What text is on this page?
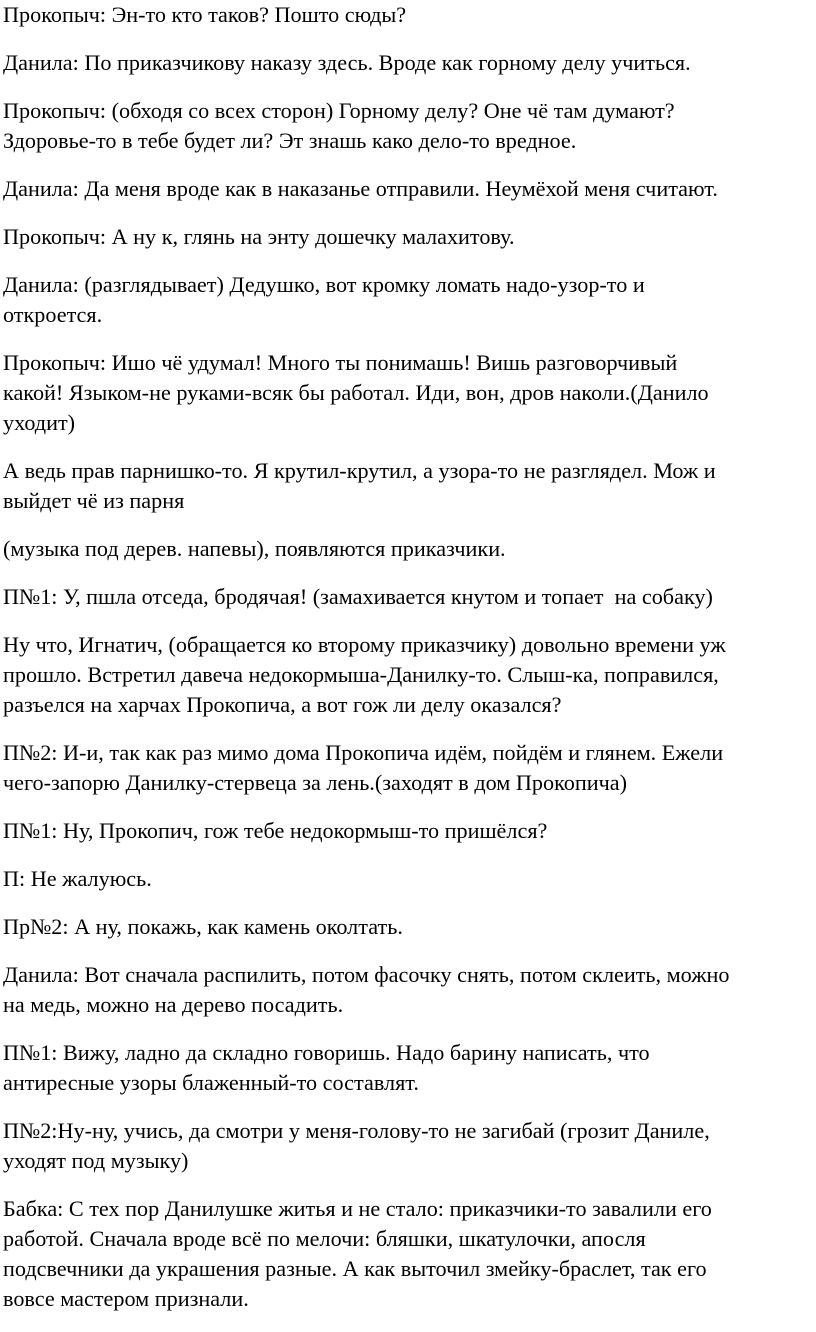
Прокопыч: Эн-то кто таков? Пошто сюды?

Данила: По приказчикову наказу здесь. Вроде как горному делу учиться.

Прокопыч: (обходя со всех сторон) Горному делу? Оне чё там думают?
Здоровье-то в тебе будет ли? Эт знашь како дело-то вредное.

Данила: Да меня вроде как в наказанье отправили. Неумёхой меня считают.

Прокопыч: А ну к, глянь на энту дошечку малахитову.

Данила: (разглядывает) Дедушко, вот кромку ломать надо-узор-то и
откроется.

Прокопыч: Ишо чё удумал! Много ты понимашь! Вишь разговорчивый
какой! Языком-не руками-всяк бы работал. Иди, вон, дров наколи.(Данило
уходит)

А ведь прав парнишко-то. Я крутил-крутил, а узора-то не разглядел. Мож и
выйдет чё из парня

(музыка под дерев. напевы), появляются приказчики.

П№1: У, пшла отседа, бродячая! (замахивается кнутом и топает  на собаку)

Ну что, Игнатич, (обращается ко второму приказчику) довольно времени уж
прошло. Встретил давеча недокормыша-Данилку-то. Слыш-ка, поправился,
разъелся на харчах Прокопича, а вот гож ли делу оказался?

П№2: И-и, так как раз мимо дома Прокопича идём, пойдём и глянем. Ежели
чего-запорю Данилку-стервеца за лень.(заходят в дом Прокопича)

П№1: Ну, Прокопич, гож тебе недокормыш-то пришёлся?

П: Не жалуюсь.

Пр№2: А ну, покажь, как камень околтать.

Данила: Вот сначала распилить, потом фасочку снять, потом склеить, можно
на медь, можно на дерево посадить.

П№1: Вижу, ладно да складно говоришь. Надо барину написать, что
антиресные узоры блаженный-то составлят.

П№2:Ну-ну, учись, да смотри у меня-голову-то не загибай (грозит Даниле,
уходят под музыку)

Бабка: С тех пор Данилушке житья и не стало: приказчики-то завалили его
работой. Сначала вроде всё по мелочи: бляшки, шкатулочки, апосля
подсвечники да украшения разные. А как выточил змейку-браслет, так его
вовсе мастером признали.
